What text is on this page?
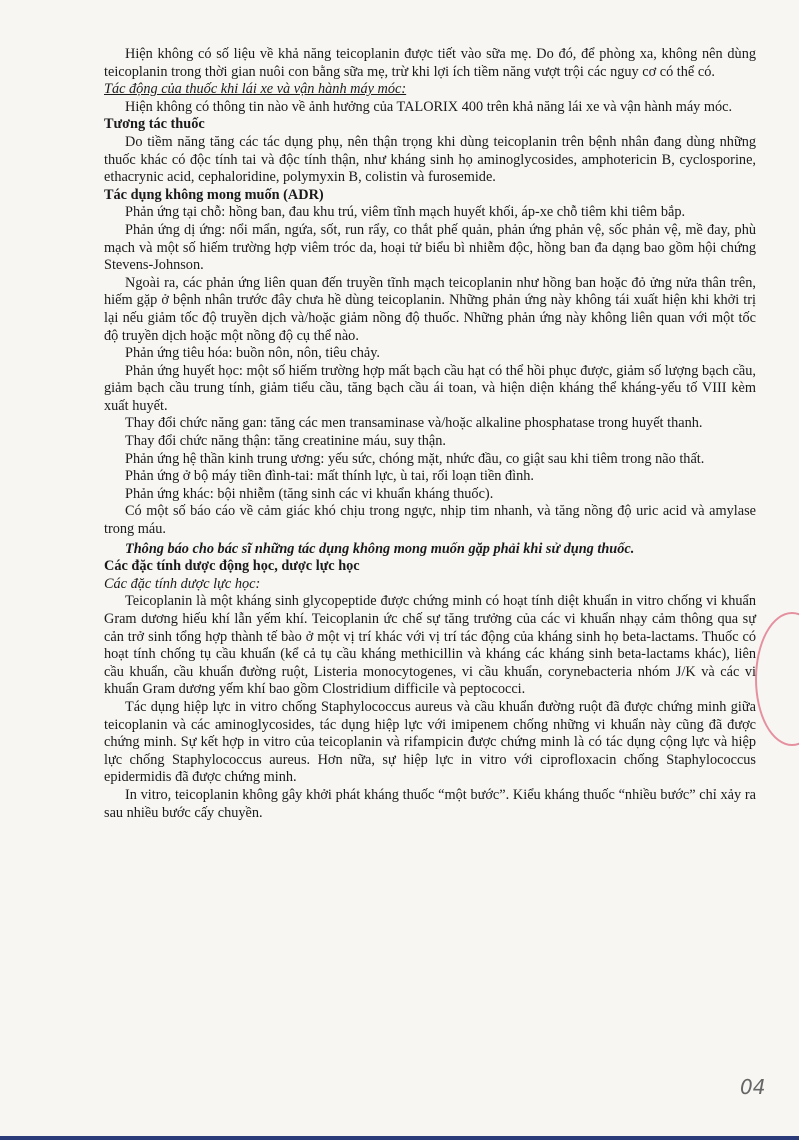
Hiện không có số liệu về khả năng teicoplanin được tiết vào sữa mẹ. Do đó, để phòng xa, không nên dùng teicoplanin trong thời gian nuôi con bằng sữa mẹ, trừ khi lợi ích tiềm năng vượt trội các nguy cơ có thể có.

Tác động của thuốc khi lái xe và vận hành máy móc:

Hiện không có thông tin nào về ảnh hưởng của TALORIX 400 trên khả năng lái xe và vận hành máy móc.

Tương tác thuốc

Do tiềm năng tăng các tác dụng phụ, nên thận trọng khi dùng teicoplanin trên bệnh nhân đang dùng những thuốc khác có độc tính tai và độc tính thận, như kháng sinh họ aminoglycosides, amphotericin B, cyclosporine, ethacrynic acid, cephaloridine, polymyxin B, colistin và furosemide.

Tác dụng không mong muốn (ADR)

Phản ứng tại chỗ: hồng ban, đau khu trú, viêm tĩnh mạch huyết khối, áp-xe chỗ tiêm khi tiêm bắp.

Phản ứng dị ứng: nổi mẩn, ngứa, sốt, run rẩy, co thắt phế quản, phản ứng phản vệ, sốc phản vệ, mề đay, phù mạch và một số hiếm trường hợp viêm tróc da, hoại tử biểu bì nhiễm độc, hồng ban đa dạng bao gồm hội chứng Stevens-Johnson.

Ngoài ra, các phản ứng liên quan đến truyền tĩnh mạch teicoplanin như hồng ban hoặc đỏ ửng nửa thân trên, hiếm gặp ở bệnh nhân trước đây chưa hề dùng teicoplanin. Những phản ứng này không tái xuất hiện khi khởi trị lại nếu giảm tốc độ truyền dịch và/hoặc giảm nồng độ thuốc. Những phản ứng này không liên quan với một tốc độ truyền dịch hoặc một nồng độ cụ thể nào.

Phản ứng tiêu hóa: buồn nôn, nôn, tiêu chảy.

Phản ứng huyết học: một số hiếm trường hợp mất bạch cầu hạt có thể hồi phục được, giảm số lượng bạch cầu, giảm bạch cầu trung tính, giảm tiểu cầu, tăng bạch cầu ái toan, và hiện diện kháng thể kháng-yếu tố VIII kèm xuất huyết.

Thay đổi chức năng gan: tăng các men transaminase và/hoặc alkaline phosphatase trong huyết thanh.

Thay đổi chức năng thận: tăng creatinine máu, suy thận.

Phản ứng hệ thần kinh trung ương: yếu sức, chóng mặt, nhức đầu, co giật sau khi tiêm trong não thất.

Phản ứng ở bộ máy tiền đình-tai: mất thính lực, ù tai, rối loạn tiền đình.

Phản ứng khác: bội nhiễm (tăng sinh các vi khuẩn kháng thuốc).

Có một số báo cáo về cảm giác khó chịu trong ngực, nhịp tim nhanh, và tăng nồng độ uric acid và amylase trong máu.

Thông báo cho bác sĩ những tác dụng không mong muốn gặp phải khi sử dụng thuốc.

Các đặc tính dược động học, dược lực học

Các đặc tính dược lực học:

Teicoplanin là một kháng sinh glycopeptide được chứng minh có hoạt tính diệt khuẩn in vitro chống vi khuẩn Gram dương hiếu khí lẫn yếm khí. Teicoplanin ức chế sự tăng trưởng của các vi khuẩn nhạy cảm thông qua sự cản trở sinh tổng hợp thành tế bào ở một vị trí khác với vị trí tác động của kháng sinh họ beta-lactams. Thuốc có hoạt tính chống tụ cầu khuẩn (kể cả tụ cầu kháng methicillin và kháng các kháng sinh beta-lactams khác), liên cầu khuẩn, cầu khuẩn đường ruột, Listeria monocytogenes, vi cầu khuẩn, corynebacteria nhóm J/K và các vi khuẩn Gram dương yếm khí bao gồm Clostridium difficile và peptococci.

Tác dụng hiệp lực in vitro chống Staphylococcus aureus và cầu khuẩn đường ruột đã được chứng minh giữa teicoplanin và các aminoglycosides, tác dụng hiệp lực với imipenem chống những vi khuẩn này cũng đã được chứng minh. Sự kết hợp in vitro của teicoplanin và rifampicin được chứng minh là có tác dụng cộng lực và hiệp lực chống Staphylococcus aureus. Hơn nữa, sự hiệp lực in vitro với ciprofloxacin chống Staphylococcus epidermidis đã được chứng minh.

In vitro, teicoplanin không gây khởi phát kháng thuốc “một bước”. Kiểu kháng thuốc “nhiều bước” chỉ xảy ra sau nhiều bước cấy chuyền.

04
